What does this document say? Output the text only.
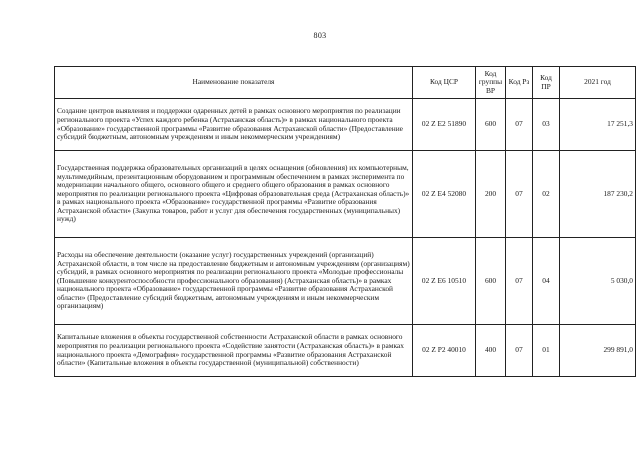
803
Наименование показателя	Код ЦСР	Код группы ВР	Код Рз	Код ПР	2021 год
Создание центров выявления и поддержки одаренных детей в рамках основного мероприятия по реализации регионального проекта «Успех каждого ребенка (Астраханская область)» в рамках национального проекта «Образование» государственной программы «Развитие образования Астраханской области» (Предоставление субсидий бюджетным, автономным учреждениям и иным некоммерческим учреждениям)	02 Z E2 51890	600	07	03	17 251,3
Государственная поддержка образовательных организаций в целях оснащения (обновления) их компьютерным, мультимедийным, презентационным оборудованием и программным обеспечением в рамках эксперимента по модернизации начального общего, основного общего и среднего общего образования в рамках основного мероприятия по реализации регионального проекта «Цифровая образовательная среда (Астраханская область)» в рамках национального проекта «Образование» государственной программы «Развитие образования Астраханской области» (Закупка товаров, работ и услуг для обеспечения государственных (муниципальных) нужд)	02 Z E4 52080	200	07	02	187 230,2
Расходы на обеспечение деятельности (оказание услуг) государственных учреждений (организаций) Астраханской области, в том числе на предоставление бюджетным и автономным учреждениям (организациям) субсидий, в рамках основного мероприятия по реализации регионального проекта «Молодые профессионалы (Повышение конкурентоспособности профессионального образования) (Астраханская область)» в рамках национального проекта «Образование» государственной программы «Развитие образования Астраханской области» (Предоставление субсидий бюджетным, автономным учреждениям и иным некоммерческим организациям)	02 Z E6 10510	600	07	04	5 030,0
Капитальные вложения в объекты государственной собственности Астраханской области в рамках основного мероприятия по реализации регионального проекта «Содействие занятости (Астраханская область)» в рамках национального проекта «Демография» государственной программы «Развитие образования Астраханской области» (Капитальные вложения в объекты государственной (муниципальной) собственности)	02 Z P2 40010	400	07	01	299 891,0
